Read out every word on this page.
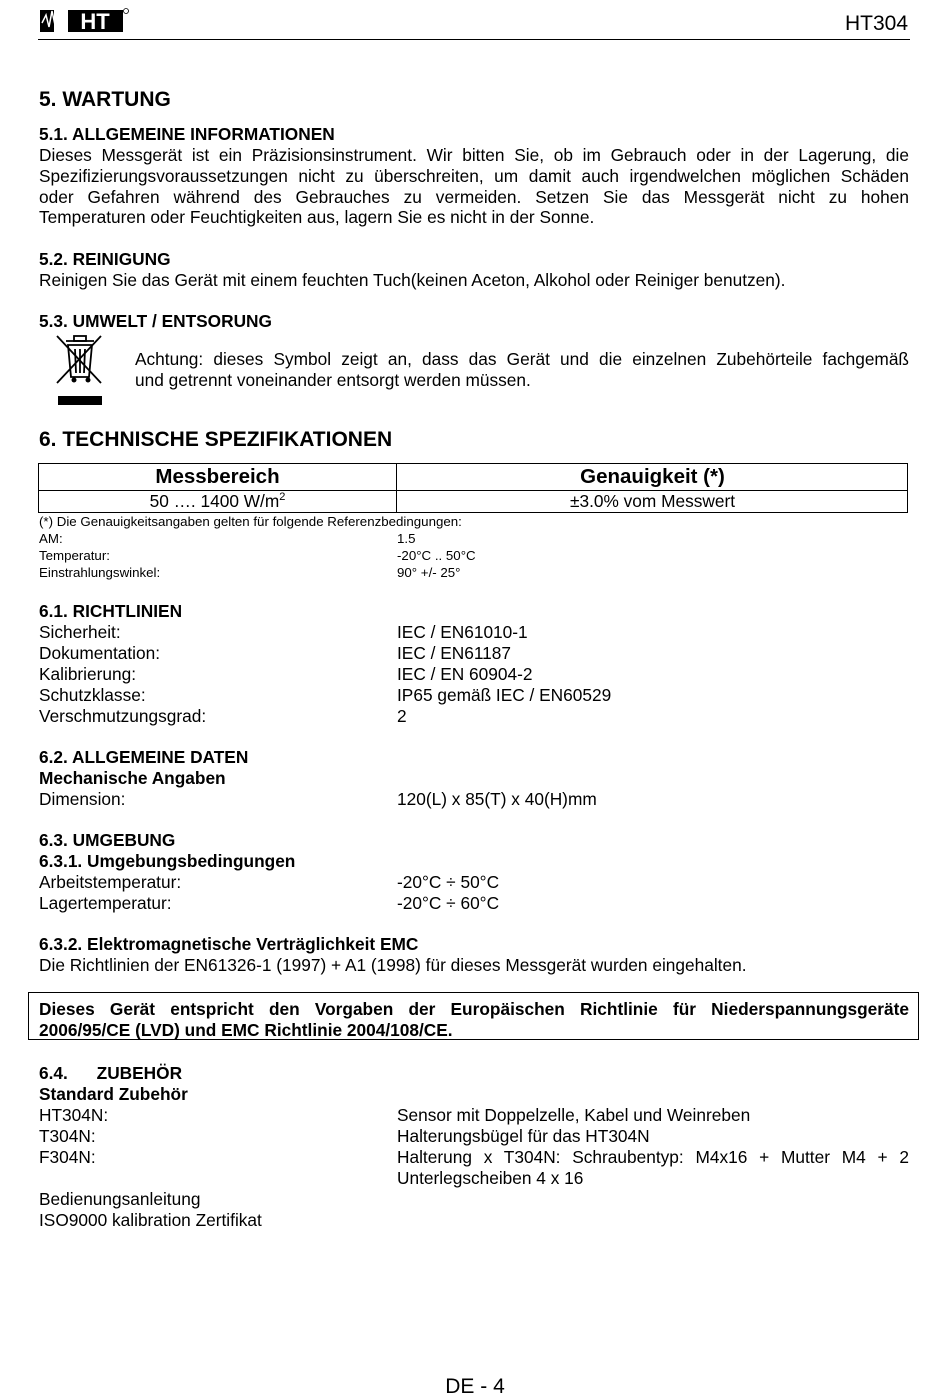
HT	HT304
5. WARTUNG
5.1. ALLGEMEINE INFORMATIONEN
Dieses Messgerät ist ein Präzisionsinstrument. Wir bitten Sie, ob im Gebrauch oder in der Lagerung, die
Spezifizierungsvoraussetzungen nicht zu überschreiten, um damit auch irgendwelchen möglichen Schäden
oder Gefahren während des Gebrauches zu vermeiden. Setzen Sie das Messgerät nicht zu hohen
Temperaturen oder Feuchtigkeiten aus, lagern Sie es nicht in der Sonne.
5.2. REINIGUNG
Reinigen Sie das Gerät mit einem feuchten Tuch(keinen Aceton, Alkohol oder Reiniger benutzen).
5.3. UMWELT / ENTSORUNG
Achtung: dieses Symbol zeigt an, dass das Gerät und die einzelnen Zubehörteile fachgemäß
und getrennt voneinander entsorgt werden müssen.
6. TECHNISCHE SPEZIFIKATIONEN
Messbereich	Genauigkeit (*)
50 …. 1400 $W/m^2$	±3.0% vom Messwert
(*) Die Genauigkeitsangaben gelten für folgende Referenzbedingungen:
AM:	1.5
Temperatur:	-20°C .. 50°C
Einstrahlungswinkel:	90° +/- 25°
6.1. RICHTLINIEN
Sicherheit:	IEC / EN61010-1
Dokumentation:	IEC / EN61187
Kalibrierung:	IEC / EN 60904-2
Schutzklasse:	IP65 gemäß IEC / EN60529
Verschmutzungsgrad:	2
6.2. ALLGEMEINE DATEN
Mechanische Angaben
Dimension:	120(L) x 85(T) x 40(H)mm
6.3. UMGEBUNG
6.3.1. Umgebungsbedingungen
Arbeitstemperatur:	-20°C ÷ 50°C
Lagertemperatur:	-20°C ÷ 60°C
6.3.2. Elektromagnetische Verträglichkeit EMC
Die Richtlinien der EN61326-1 (1997) + A1 (1998) für dieses Messgerät wurden eingehalten.
Dieses Gerät entspricht den Vorgaben der Europäischen Richtlinie für Niederspannungsgeräte
2006/95/CE (LVD) und EMC Richtlinie 2004/108/CE.
6.4.      ZUBEHÖR
Standard Zubehör
HT304N:	Sensor mit Doppelzelle, Kabel und Weinreben
T304N:	Halterungsbügel für das HT304N
F304N:	Halterung x T304N: Schraubentyp: M4x16 + Mutter M4 + 2
Unterlegscheiben 4 x 16
Bedienungsanleitung
ISO9000 kalibration Zertifikat
DE - 4
